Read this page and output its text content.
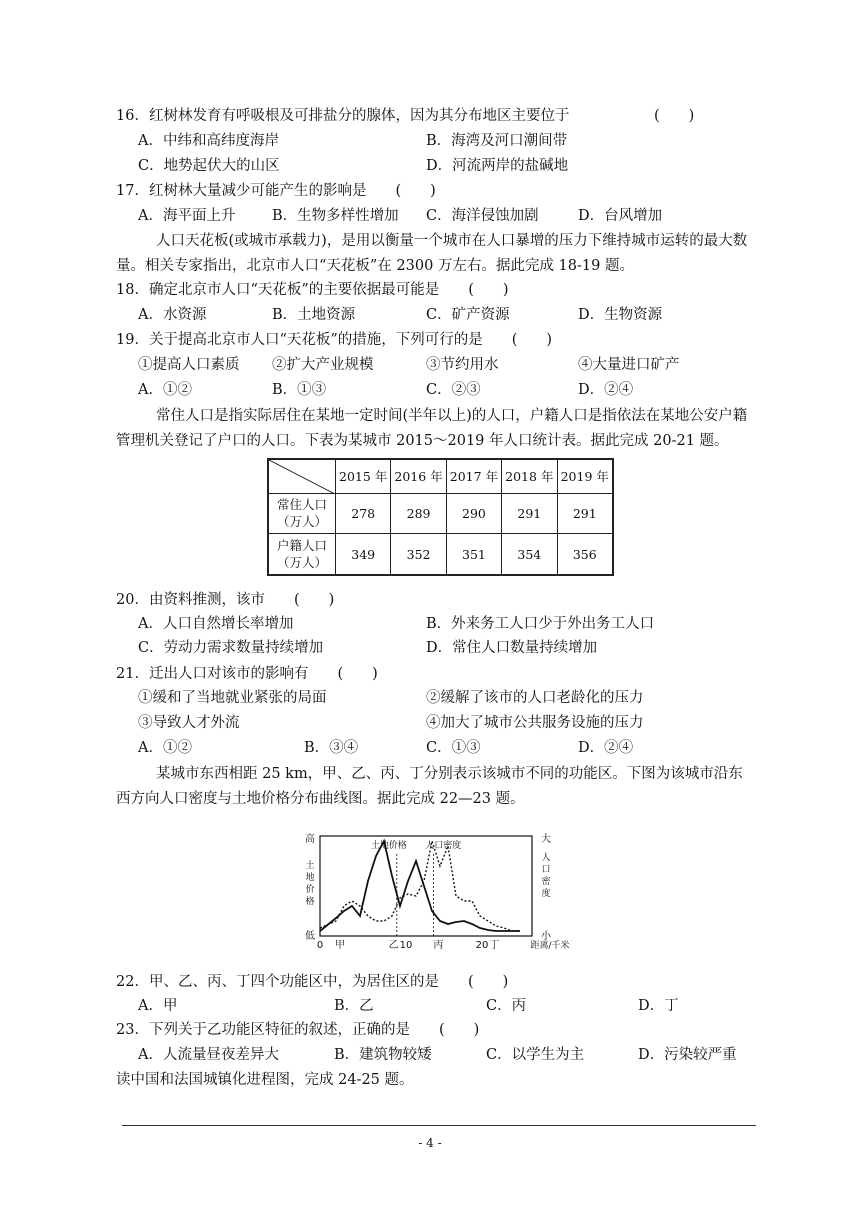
16．红树林发育有呼吸根及可排盐分的腺体，因为其分布地区主要位于	(　　)
A．中纬和高纬度海岸	B．海湾及河口潮间带
C．地势起伏大的山区	D．河流两岸的盐碱地
17．红树林大量减少可能产生的影响是　　(　　)
A．海平面上升	B．生物多样性增加 C．海洋侵蚀加剧	D．台风增加
人口天花板(或城市承载力)，是用以衡量一个城市在人口暴增的压力下维持城市运转的最大数量。相关专家指出，北京市人口“天花板”在 2300 万左右。据此完成 18-19 题。
18．确定北京市人口“天花板”的主要依据最可能是　　(　　)
A．水资源	B．土地资源	C．矿产资源	D．生物资源
19．关于提高北京市人口“天花板”的措施，下列可行的是　　(　　)
①提高人口素质 ②扩大产业规模	③节约用水	④大量进口矿产
A．①②	B．①③	C．②③	D．②④
常住人口是指实际居住在某地一定时间(半年以上)的人口，户籍人口是指依法在某地公安户籍管理机关登记了户口的人口。下表为某城市 2015～2019 年人口统计表。据此完成 20-21 题。
	2015 年	2016 年	2017 年	2018 年	2019 年
常住人口
（万人）	278	289	290	291	291
户籍人口
（万人）	349	352	351	354	356
20．由资料推测，该市　　(　　)
A．人口自然增长率增加	B．外来务工人口少于外出务工人口
C．劳动力需求数量持续增加	D．常住人口数量持续增加
21．迁出人口对该市的影响有　　(　　)
①缓和了当地就业紧张的局面	②缓解了该市的人口老龄化的压力
③导致人才外流	④加大了城市公共服务设施的压力
A．①②	B．③④	C．①③	D．②④
某城市东西相距 25 km，甲、乙、丙、丁分别表示该城市不同的功能区。下图为该城市沿东西方向人口密度与土地价格分布曲线图。据此完成 22—23 题。
高
低
土
地
价
格
大
小
人
口
密
度
土地价格 人口密度
0	10	20
甲	乙	丙	丁	距离/千米
22．甲、乙、丙、丁四个功能区中，为居住区的是　　(　　)
A．甲	B．乙	C．丙	D．丁
23．下列关于乙功能区特征的叙述，正确的是　　(　　)
A．人流量昼夜差异大	B．建筑物较矮	C．以学生为主	D．污染较严重
读中国和法国城镇化进程图，完成 24-25 题。
- 4 -
